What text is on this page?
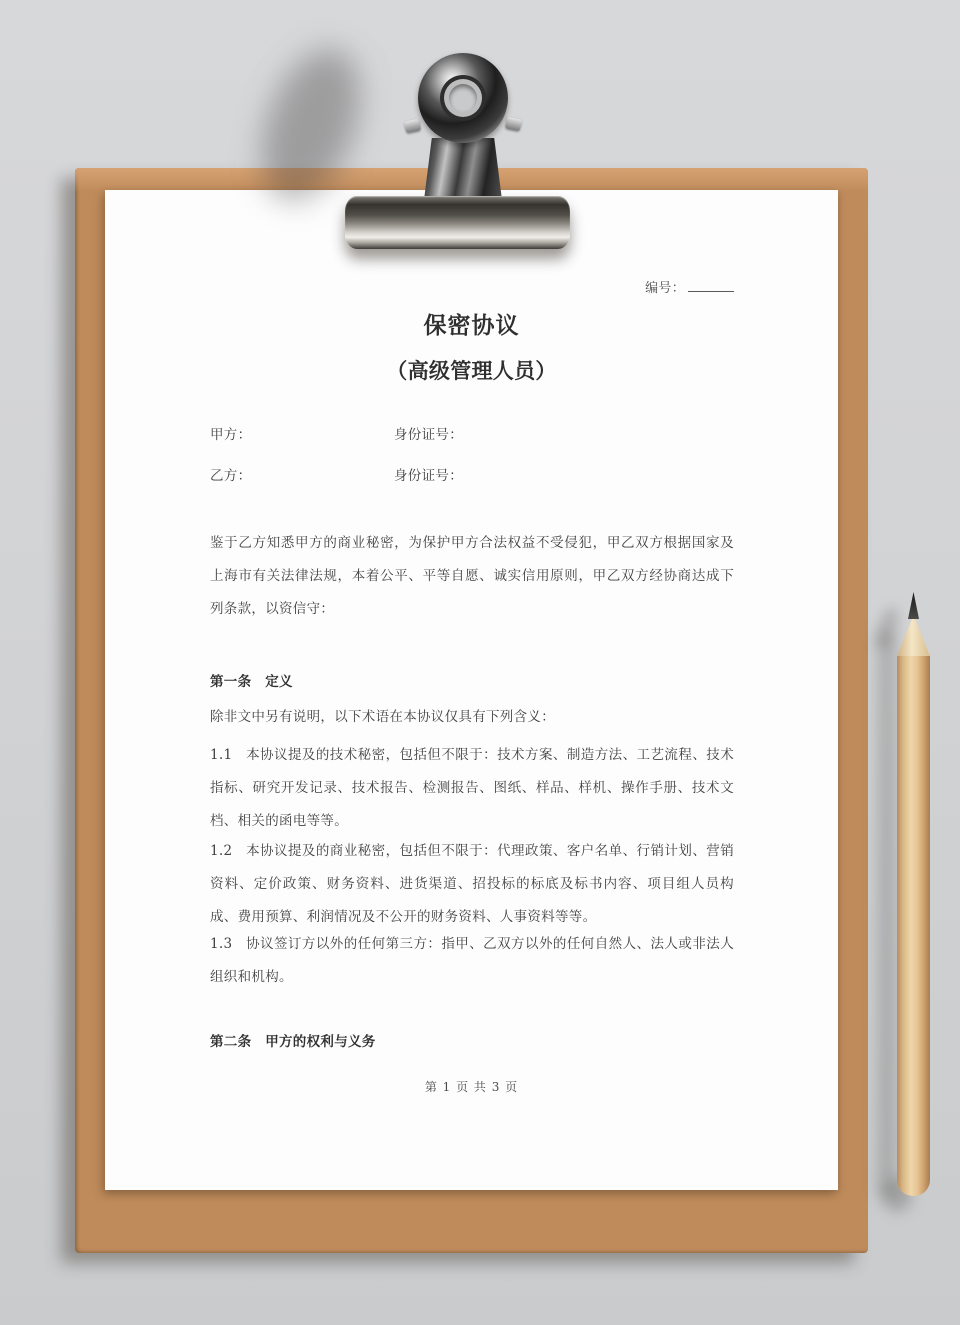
编号：

保密协议

（高级管理人员）

甲方：	身份证号：

乙方：	身份证号：

鉴于乙方知悉甲方的商业秘密，为保护甲方合法权益不受侵犯，甲乙双方根据国家及上海市有关法律法规，本着公平、平等自愿、诚实信用原则，甲乙双方经协商达成下列条款，以资信守：

第一条　定义

除非文中另有说明，以下术语在本协议仅具有下列含义：

1.1 本协议提及的技术秘密，包括但不限于：技术方案、制造方法、工艺流程、技术指标、研究开发记录、技术报告、检测报告、图纸、样品、样机、操作手册、技术文档、相关的函电等等。

1.2 本协议提及的商业秘密，包括但不限于：代理政策、客户名单、行销计划、营销资料、定价政策、财务资料、进货渠道、招投标的标底及标书内容、项目组人员构成、费用预算、利润情况及不公开的财务资料、人事资料等等。

1.3 协议签订方以外的任何第三方：指甲、乙双方以外的任何自然人、法人或非法人组织和机构。

第二条　甲方的权利与义务

第 1 页 共 3 页
